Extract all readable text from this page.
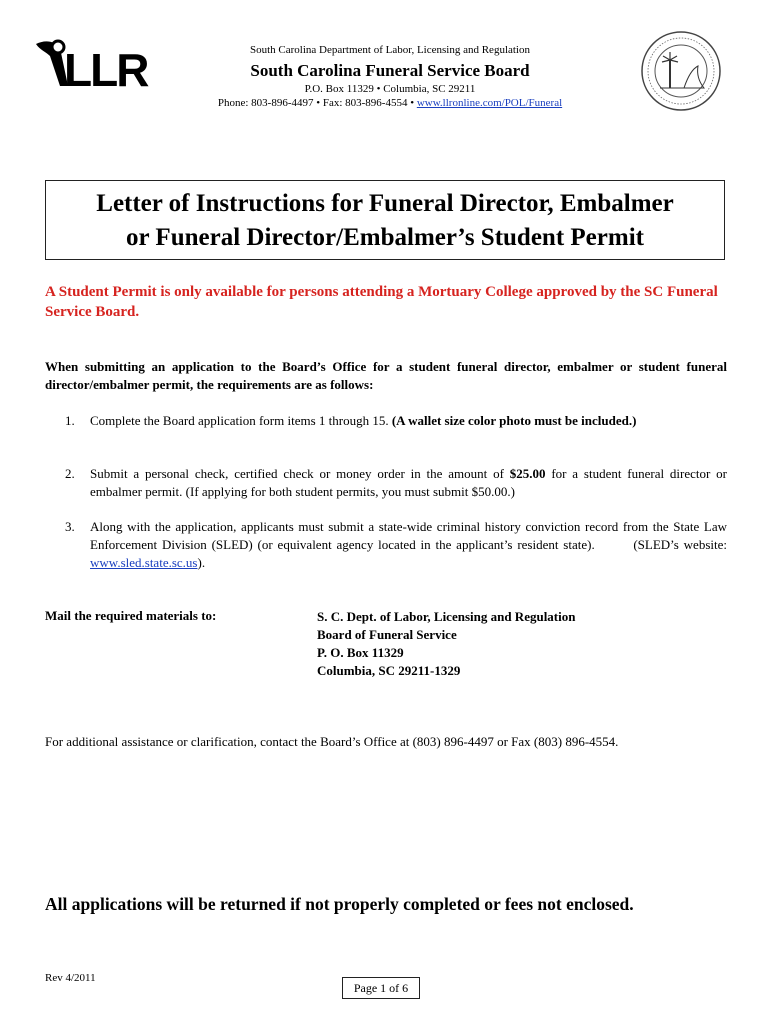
LLR	South Carolina Department of Labor, Licensing and Regulation
South Carolina Funeral Service Board
P.O. Box 11329 • Columbia, SC 29211
Phone: 803-896-4497 • Fax: 803-896-4554 • www.llronline.com/POL/Funeral
Letter of Instructions for Funeral Director, Embalmer
or Funeral Director/Embalmer’s Student Permit
A Student Permit is only available for persons attending a Mortuary College approved by the SC Funeral Service Board.
When submitting an application to the Board’s Office for a student funeral director, embalmer or student funeral director/embalmer permit, the requirements are as follows:
1. Complete the Board application form items 1 through 15. (A wallet size color photo must be included.)
2. Submit a personal check, certified check or money order in the amount of $25.00 for a student funeral director or embalmer permit. (If applying for both student permits, you must submit $50.00.)
3. Along with the application, applicants must submit a state-wide criminal history conviction record from the State Law Enforcement Division (SLED) (or equivalent agency located in the applicant’s resident state).        (SLED’s website: www.sled.state.sc.us).
Mail the required materials to:	S. C. Dept. of Labor, Licensing and Regulation
Board of Funeral Service
P. O. Box 11329
Columbia, SC 29211-1329
For additional assistance or clarification, contact the Board’s Office at (803) 896-4497 or Fax (803) 896-4554.
All applications will be returned if not properly completed or fees not enclosed.
Rev 4/2011
Page 1 of 6
